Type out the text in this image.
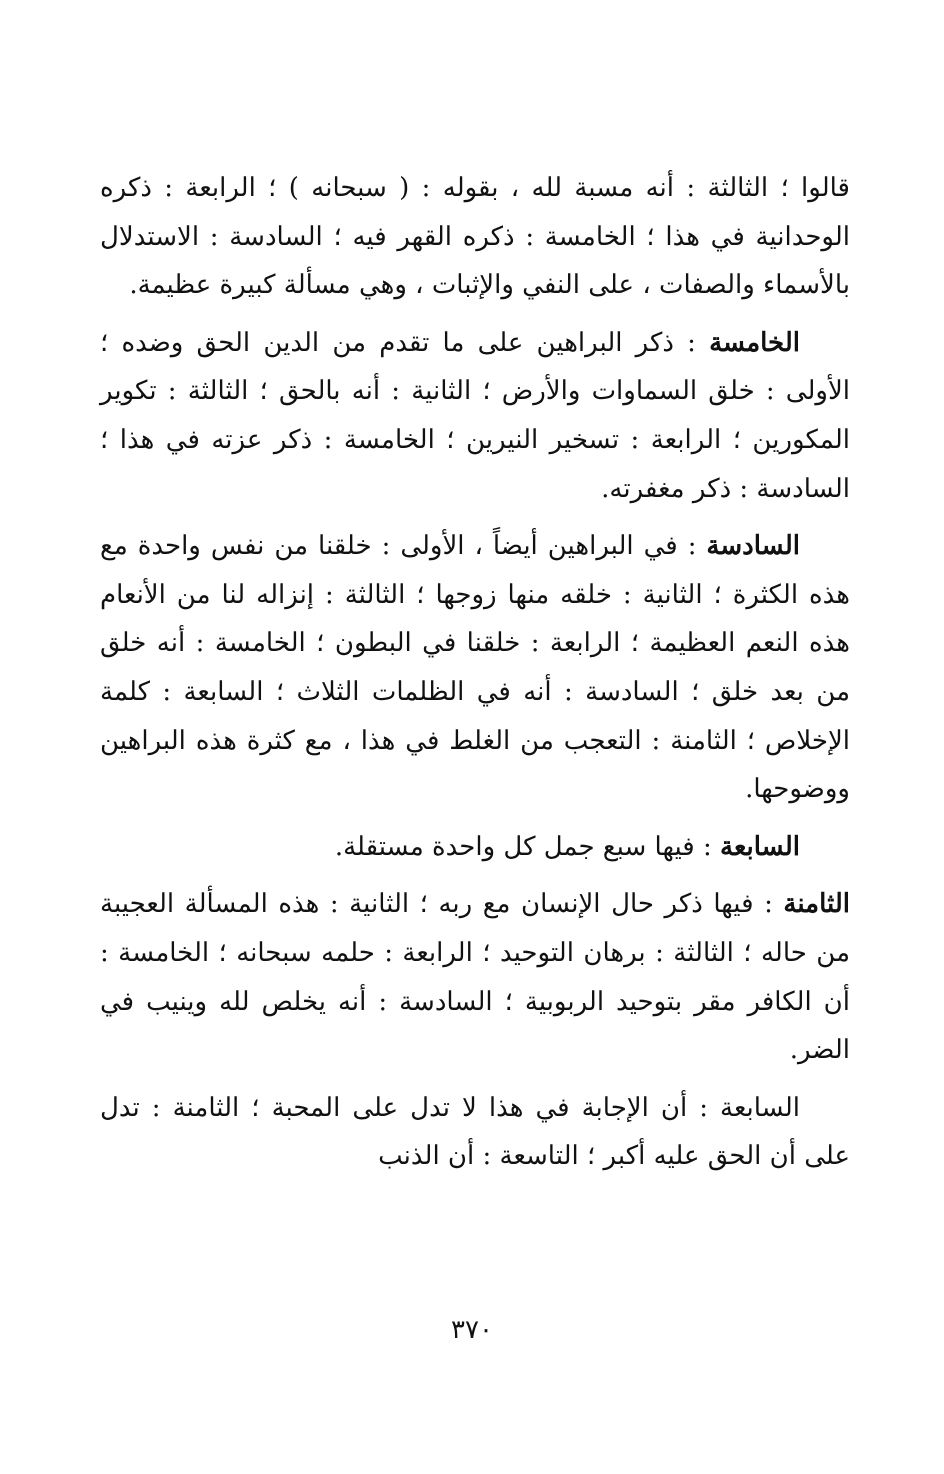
قالوا ؛ الثالثة : أنه مسبة لله ، بقوله : ( سبحانه ) ؛ الرابعة : ذكره الوحدانية في هذا ؛ الخامسة : ذكره القهر فيه ؛ السادسة : الاستدلال بالأسماء والصفات ، على النفي والإثبات ، وهي مسألة كبيرة عظيمة.

الخامسة : ذكر البراهين على ما تقدم من الدين الحق وضده ؛ الأولى : خلق السماوات والأرض ؛ الثانية : أنه بالحق ؛ الثالثة : تكوير المكورين ؛ الرابعة : تسخير النيرين ؛ الخامسة : ذكر عزته في هذا ؛ السادسة : ذكر مغفرته.

السادسة : في البراهين أيضاً ، الأولى : خلقنا من نفس واحدة مع هذه الكثرة ؛ الثانية : خلقه منها زوجها ؛ الثالثة : إنزاله لنا من الأنعام هذه النعم العظيمة ؛ الرابعة : خلقنا في البطون ؛ الخامسة : أنه خلق من بعد خلق ؛ السادسة : أنه في الظلمات الثلاث ؛ السابعة : كلمة الإخلاص ؛ الثامنة : التعجب من الغلط في هذا ، مع كثرة هذه البراهين ووضوحها.

السابعة : فيها سبع جمل كل واحدة مستقلة.

الثامنة : فيها ذكر حال الإنسان مع ربه ؛ الثانية : هذه المسألة العجيبة من حاله ؛ الثالثة : برهان التوحيد ؛ الرابعة : حلمه سبحانه ؛ الخامسة : أن الكافر مقر بتوحيد الربوبية ؛ السادسة : أنه يخلص لله وينيب في الضر.

السابعة : أن الإجابة في هذا لا تدل على المحبة ؛ الثامنة : تدل على أن الحق عليه أكبر ؛ التاسعة : أن الذنب

٣٧٠
